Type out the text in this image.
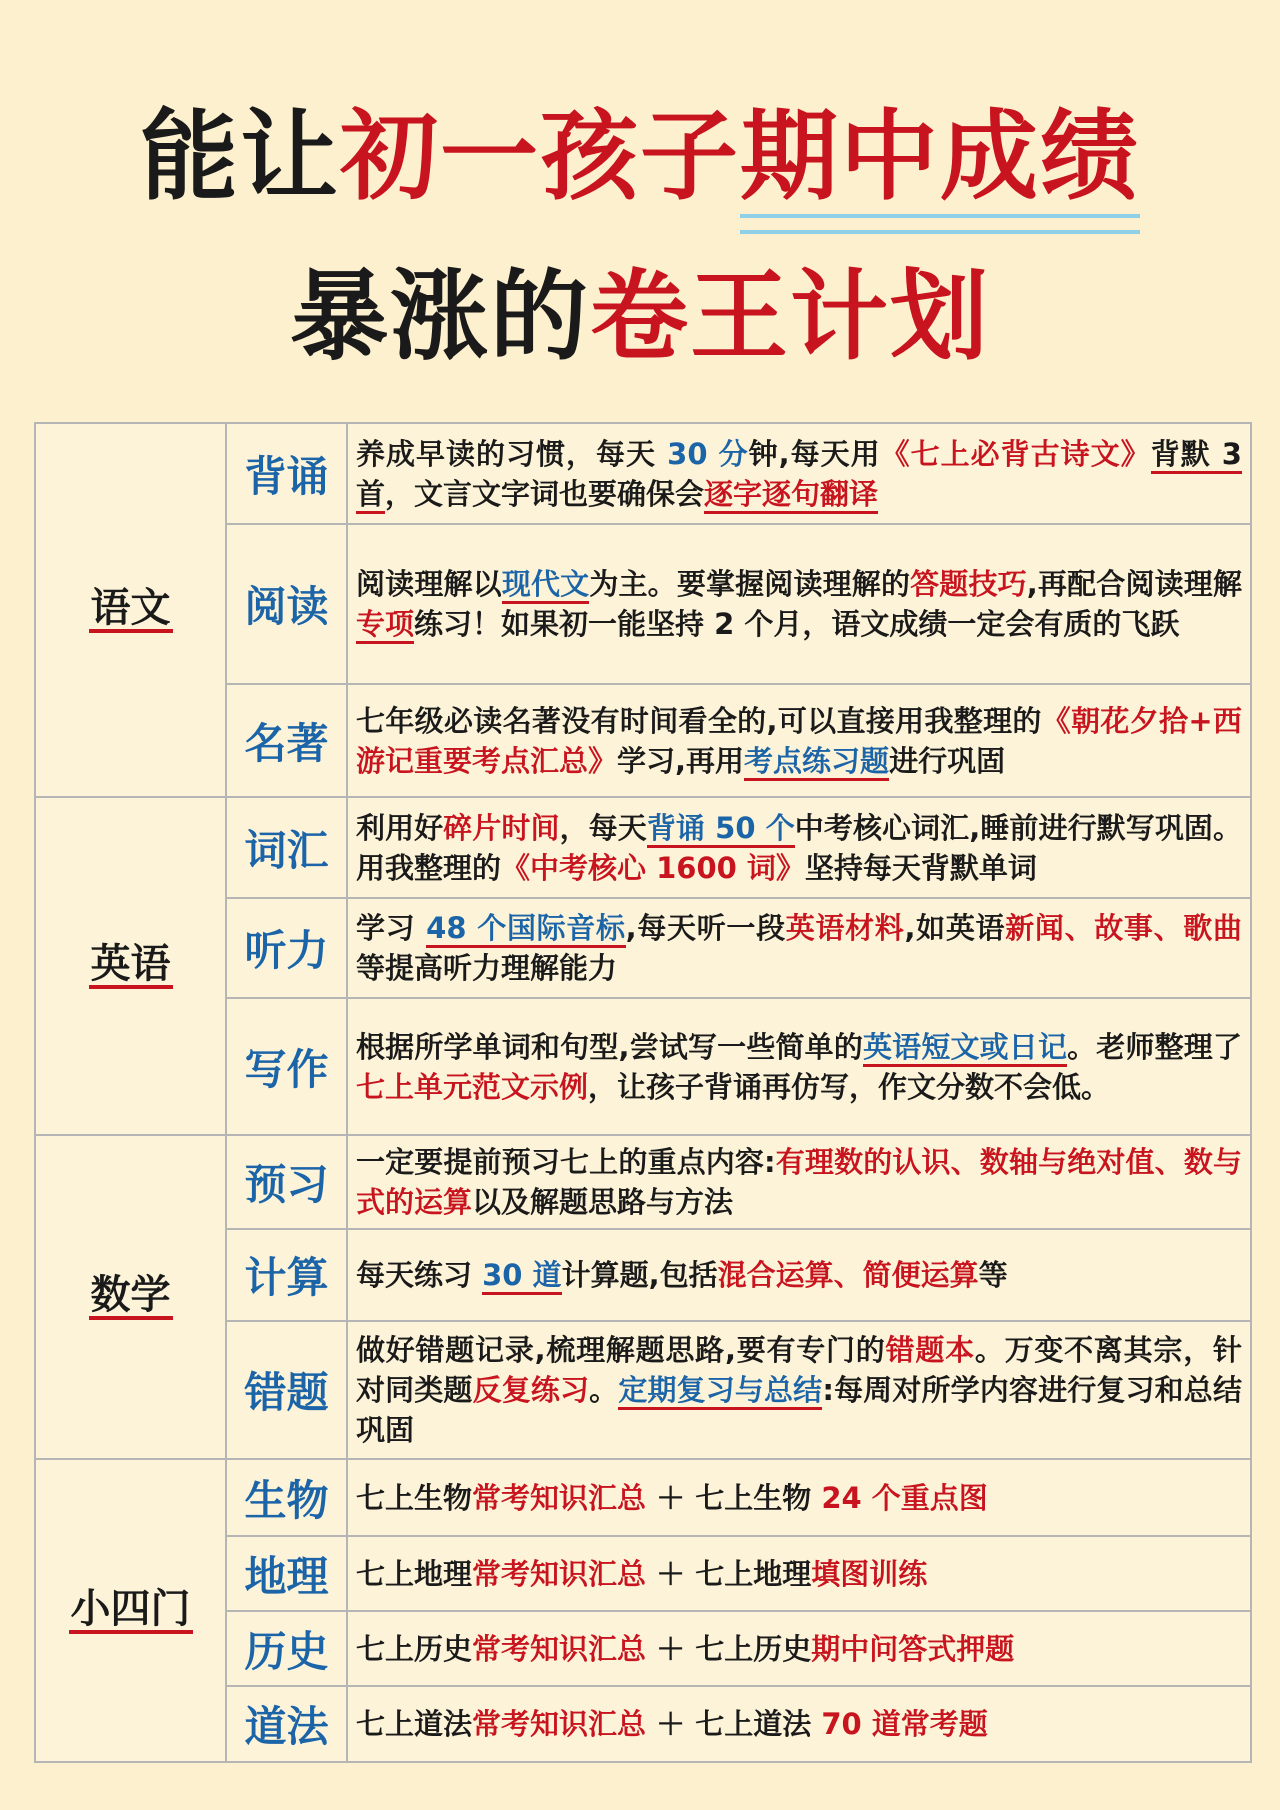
能让初一孩子期中成绩
暴涨的卷王计划
语文	背诵	养成早读的习惯，每天 30 分钟,每天用《七上必背古诗文》背默 3 首，文言文字词也要确保会逐字逐句翻译
	阅读	阅读理解以现代文为主。要掌握阅读理解的答题技巧,再配合阅读理解专项练习！如果初一能坚持 2 个月，语文成绩一定会有质的飞跃
	名著	七年级必读名著没有时间看全的,可以直接用我整理的《朝花夕拾+西游记重要考点汇总》学习,再用考点练习题进行巩固
英语	词汇	利用好碎片时间，每天背诵 50 个中考核心词汇,睡前进行默写巩固。用我整理的《中考核心 1600 词》坚持每天背默单词
	听力	学习 48 个国际音标,每天听一段英语材料,如英语新闻、故事、歌曲等提高听力理解能力
	写作	根据所学单词和句型,尝试写一些简单的英语短文或日记。老师整理了七上单元范文示例，让孩子背诵再仿写，作文分数不会低。
数学	预习	一定要提前预习七上的重点内容:有理数的认识、数轴与绝对值、数与式的运算以及解题思路与方法
	计算	每天练习 30 道计算题,包括混合运算、简便运算等
	错题	做好错题记录,梳理解题思路,要有专门的错题本。万变不离其宗，针对同类题反复练习。定期复习与总结:每周对所学内容进行复习和总结巩固
小四门	生物	七上生物常考知识汇总 ＋ 七上生物 24 个重点图
	地理	七上地理常考知识汇总 ＋ 七上地理填图训练
	历史	七上历史常考知识汇总 ＋ 七上历史期中问答式押题
	道法	七上道法常考知识汇总 ＋ 七上道法 70 道常考题
